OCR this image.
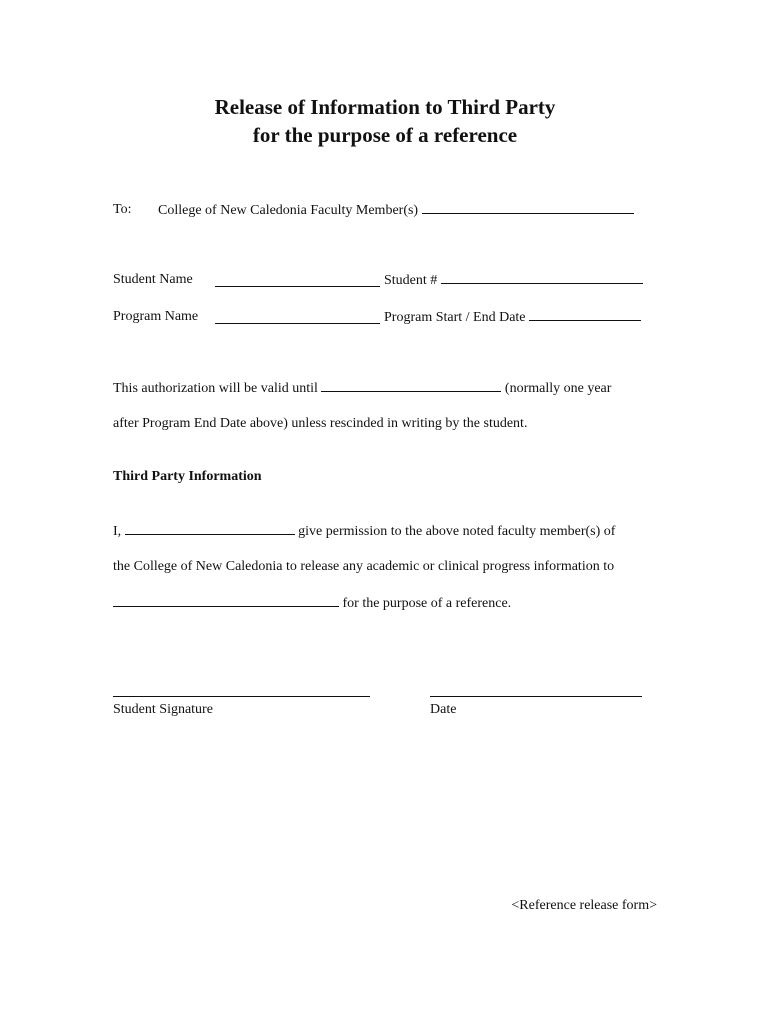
Release of Information to Third Party
for the purpose of a reference
To: College of New Caledonia Faculty Member(s)
Student Name	Student #
Program Name	Program Start / End Date
This authorization will be valid until	(normally one year
after Program End Date above) unless rescinded in writing by the student.
Third Party Information
I,	give permission to the above noted faculty member(s) of
the College of New Caledonia to release any academic or clinical progress information to
for the purpose of a reference.
Student Signature	Date
<Reference release form>
